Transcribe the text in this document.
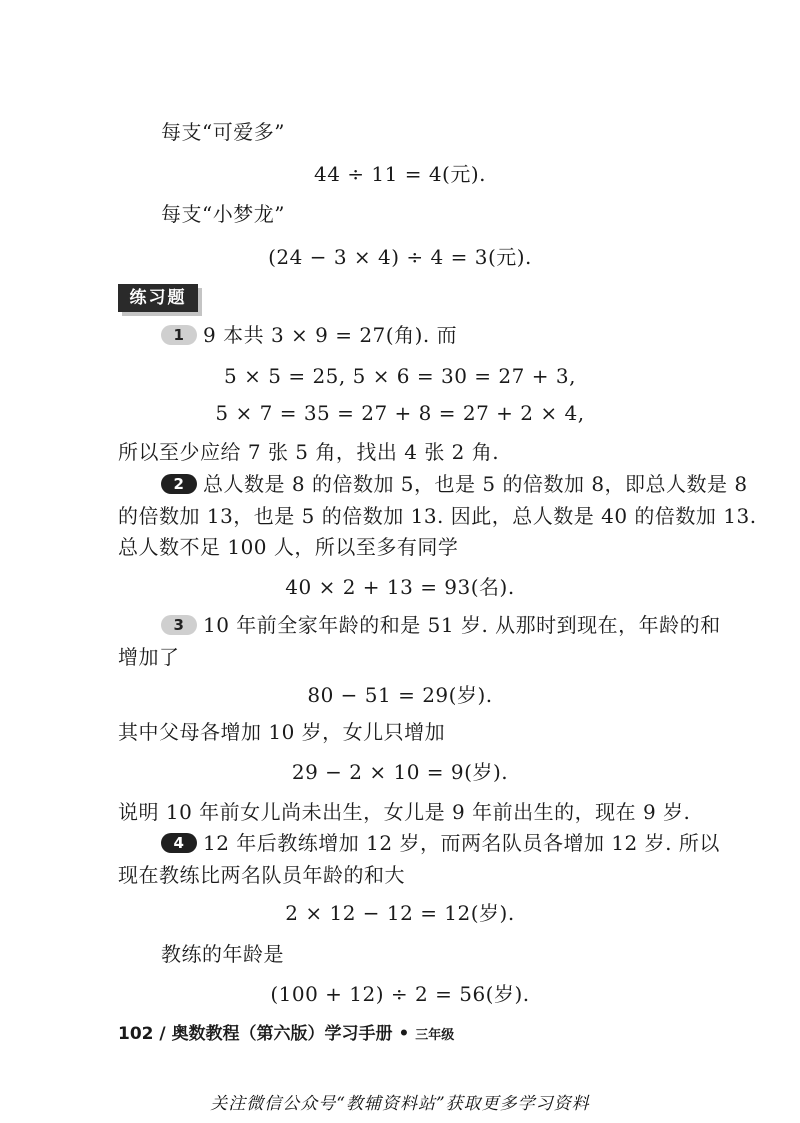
每支“可爱多”
44 ÷ 11 = 4(元).
每支“小梦龙”
(24 − 3 × 4) ÷ 4 = 3(元).
练习题
1 9 本共 3 × 9 = 27(角). 而
5 × 5 = 25, 5 × 6 = 30 = 27 + 3,
5 × 7 = 35 = 27 + 8 = 27 + 2 × 4,
所以至少应给 7 张 5 角，找出 4 张 2 角.
2 总人数是 8 的倍数加 5，也是 5 的倍数加 8，即总人数是 8
的倍数加 13，也是 5 的倍数加 13. 因此，总人数是 40 的倍数加 13.
总人数不足 100 人，所以至多有同学
40 × 2 + 13 = 93(名).
3 10 年前全家年龄的和是 51 岁. 从那时到现在，年龄的和
增加了
80 − 51 = 29(岁).
其中父母各增加 10 岁，女儿只增加
29 − 2 × 10 = 9(岁).
说明 10 年前女儿尚未出生，女儿是 9 年前出生的，现在 9 岁.
4 12 年后教练增加 12 岁，而两名队员各增加 12 岁. 所以
现在教练比两名队员年龄的和大
2 × 12 − 12 = 12(岁).
教练的年龄是
(100 + 12) ÷ 2 = 56(岁).
102 / 奥数教程（第六版）学习手册 • 三年级
关注微信公众号“教辅资料站”获取更多学习资料
